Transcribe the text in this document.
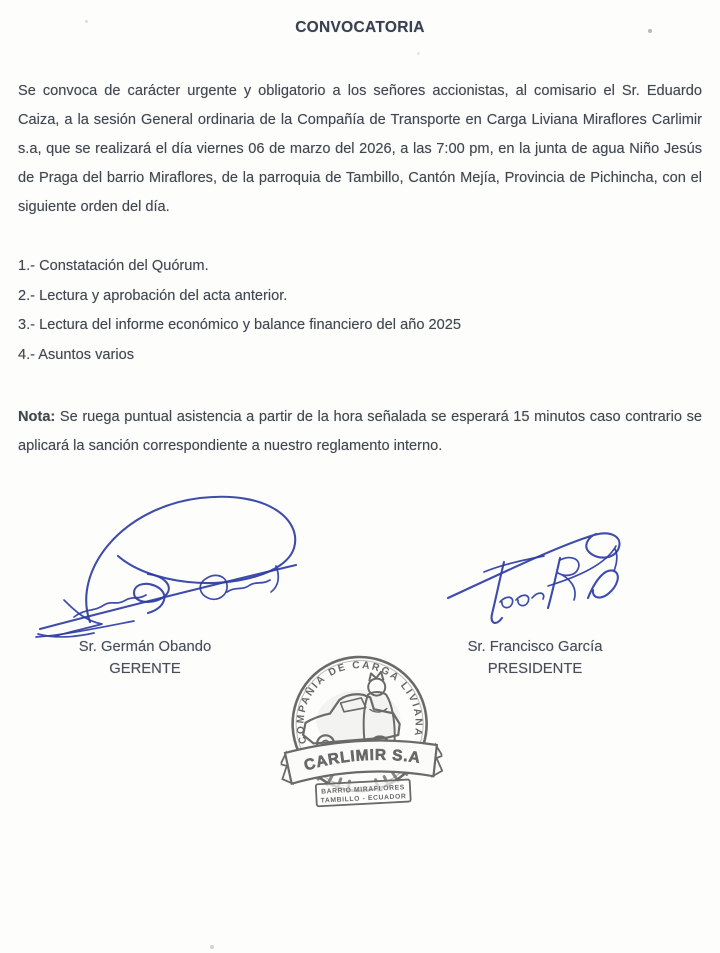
CONVOCATORIA

Se convoca de carácter urgente y obligatorio a los señores accionistas, al comisario el Sr. Eduardo Caiza, a la sesión General ordinaria de la Compañía de Transporte en Carga Liviana Miraflores Carlimir s.a, que se realizará el día viernes 06 de marzo del 2026, a las 7:00 pm, en la junta de agua Niño Jesús de Praga del barrio Miraflores, de la parroquia de Tambillo, Cantón Mejía, Provincia de Pichincha, con el siguiente orden del día.

1.- Constatación del Quórum.
2.- Lectura y aprobación del acta anterior.
3.- Lectura del informe económico y balance financiero del año 2025
4.- Asuntos varios

Nota: Se ruega puntual asistencia a partir de la hora señalada se esperará 15 minutos caso contrario se aplicará la sanción correspondiente a nuestro reglamento interno.

Sr. Germán Obando
GERENTE
Sr. Francisco García
PRESIDENTE
COMPAÑIA DE CARGA LIVIANA
CARLIMIR S.A
BARRIO MIRAFLORES
TAMBILLO - ECUADOR
